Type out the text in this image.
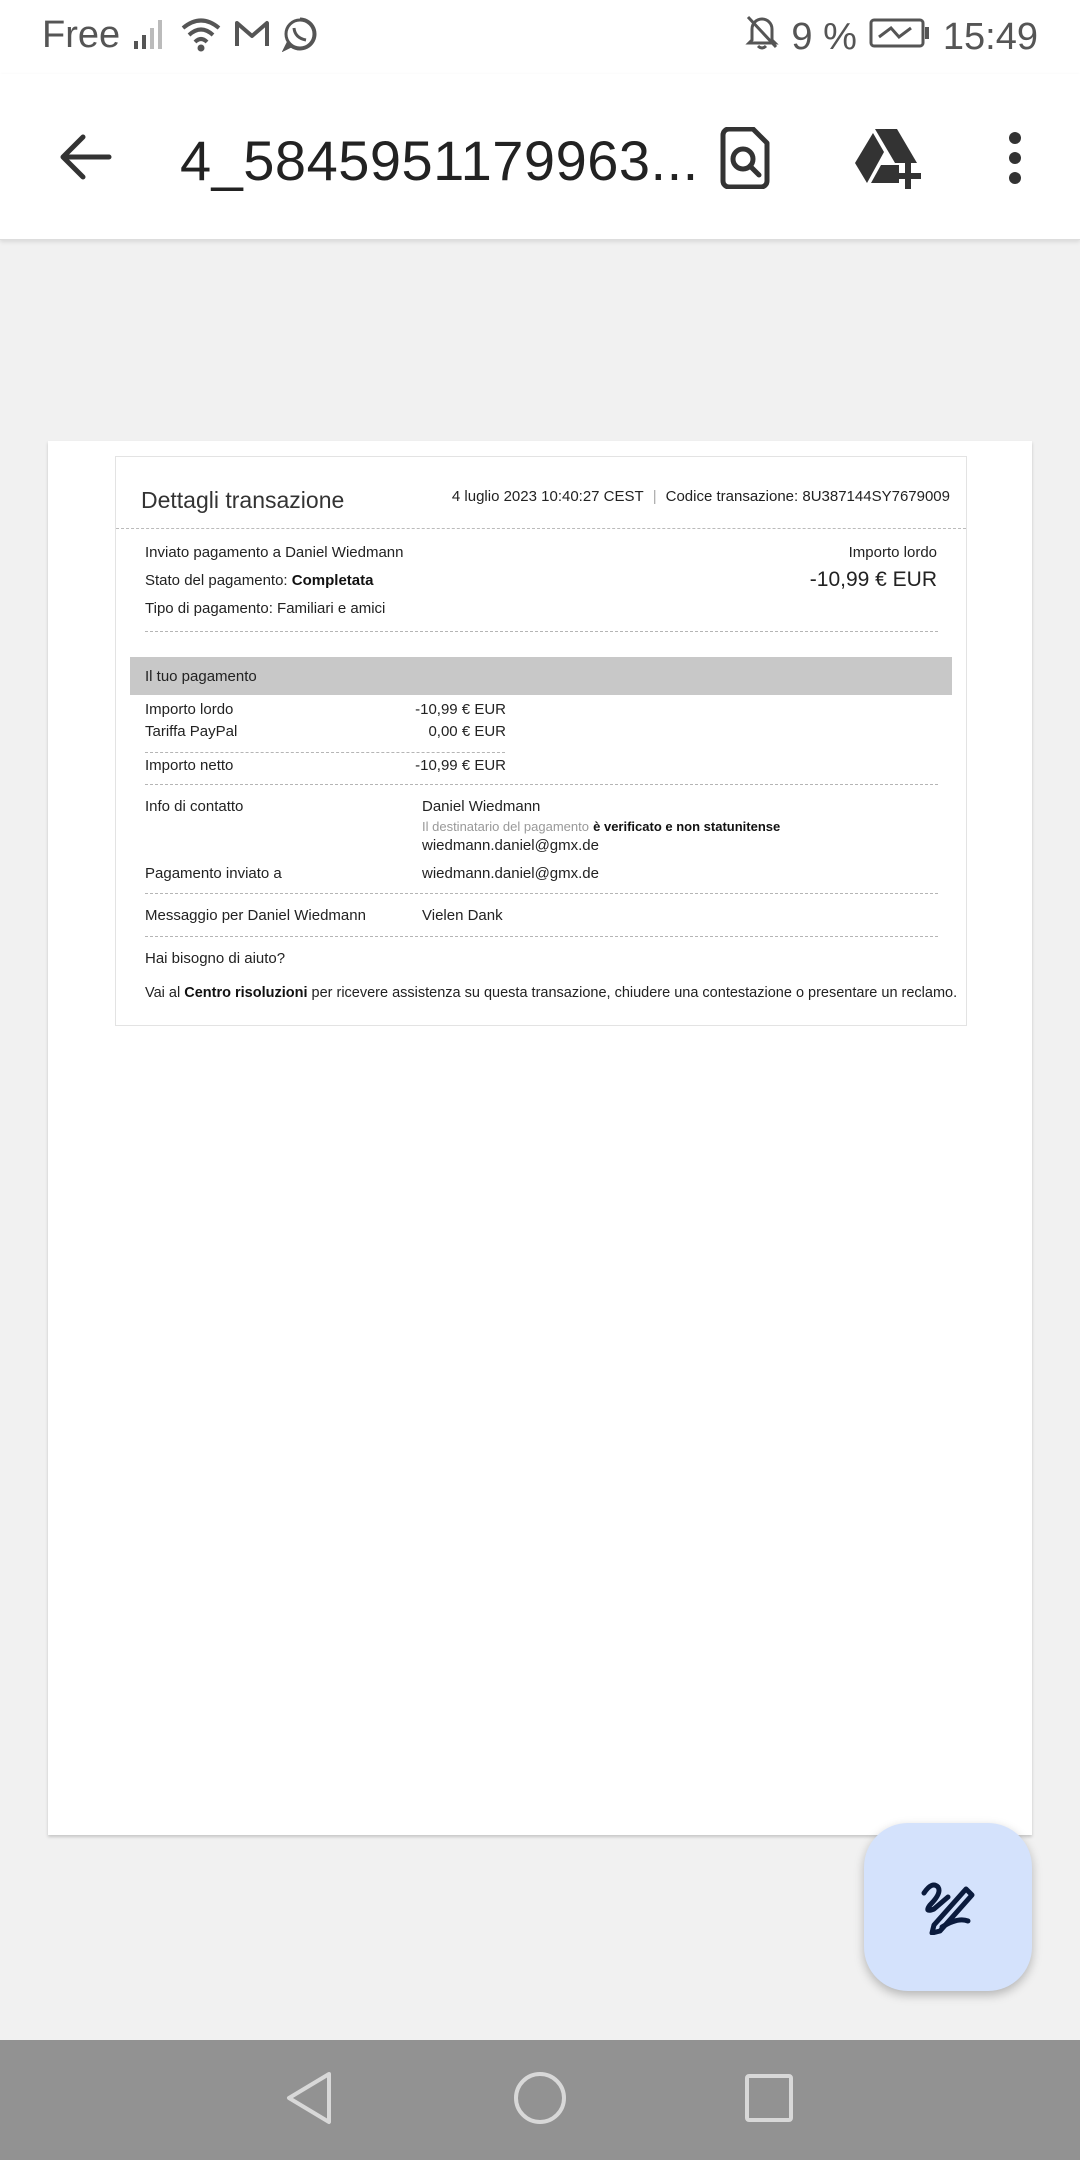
Free	9 % 15:49
4_5845951179963...
Dettagli transazione	4 luglio 2023 10:40:27 CEST | Codice transazione: 8U387144SY7679009
Inviato pagamento a Daniel Wiedmann
Stato del pagamento: Completata
Tipo di pagamento: Familiari e amici
Importo lordo
-10,99 € EUR
Il tuo pagamento
Importo lordo	-10,99 € EUR
Tariffa PayPal	0,00 € EUR
Importo netto	-10,99 € EUR
Info di contatto	Daniel Wiedmann
Il destinatario del pagamento è verificato e non statunitense
wiedmann.daniel@gmx.de
Pagamento inviato a	wiedmann.daniel@gmx.de
Messaggio per Daniel Wiedmann	Vielen Dank
Hai bisogno di aiuto?
Vai al Centro risoluzioni per ricevere assistenza su questa transazione, chiudere una contestazione o presentare un reclamo.
